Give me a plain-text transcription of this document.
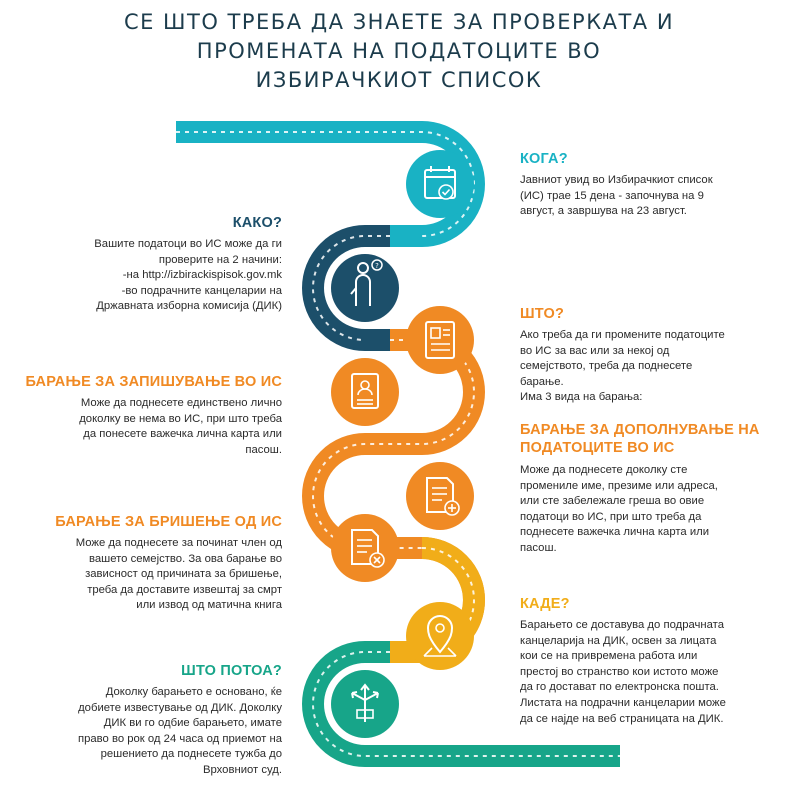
СЕ ШТО ТРЕБА ДА ЗНАЕТЕ ЗА ПРОВЕРКАТА И
ПРОМЕНАТА НА ПОДАТОЦИТЕ ВО
ИЗБИРАЧКИОТ СПИСОК
?
КОГА?

Јавниот увид во Избирачкиот список
(ИС) трае 15 дена - започнува на 9
август, а завршува на 23 август.

КАКО?

Вашите податоци во ИС може да ги
проверите на 2 начини:
-на http://izbirackispisok.gov.mk
-во подрачните канцеларии на
Државната изборна комисија (ДИК)	ШТО?

Ако треба да ги промените податоците
во ИС за вас или за некој од
семејството, треба да поднесете
барање.
Има 3 вида на барања:

БАРАЊЕ ЗА ЗАПИШУВАЊЕ ВО ИС

Може да поднесете единствено лично
доколку ве нема во ИС, при што треба
да понесете важечка лична карта или
пасош.

БАРАЊЕ ЗА ДОПОЛНУВАЊЕ НА
ПОДАТОЦИТЕ ВО ИС

Може да поднесете доколку сте
промениле име, презиме или адреса,
или сте забележале греша во овие
податоци во ИС, при што треба да
поднесете важечка лична карта или
пасош.

БАРАЊЕ ЗА БРИШЕЊЕ ОД ИС

Може да поднесете за починат член од
вашето семејство. За ова барање во
зависност од причината за бришење,
треба да доставите извештај за смрт
или извод од матична книга	КАДЕ?

Барањето се доставува до подрачната
канцеларија на ДИК, освен за лицата
кои се на привремена работа или
престој во странство кои истото може
да го достават по електронска пошта.
Листата на подрачни канцеларии може
да се најде на веб страницата на ДИК.

ШТО ПОТОА?

Доколку барањето е основано, ќе
добиете известување од ДИК. Доколку
ДИК ви го одбие барањето, имате
право во рок од 24 часа од приемот на
решението да поднесете тужба до
Врховниот суд.
